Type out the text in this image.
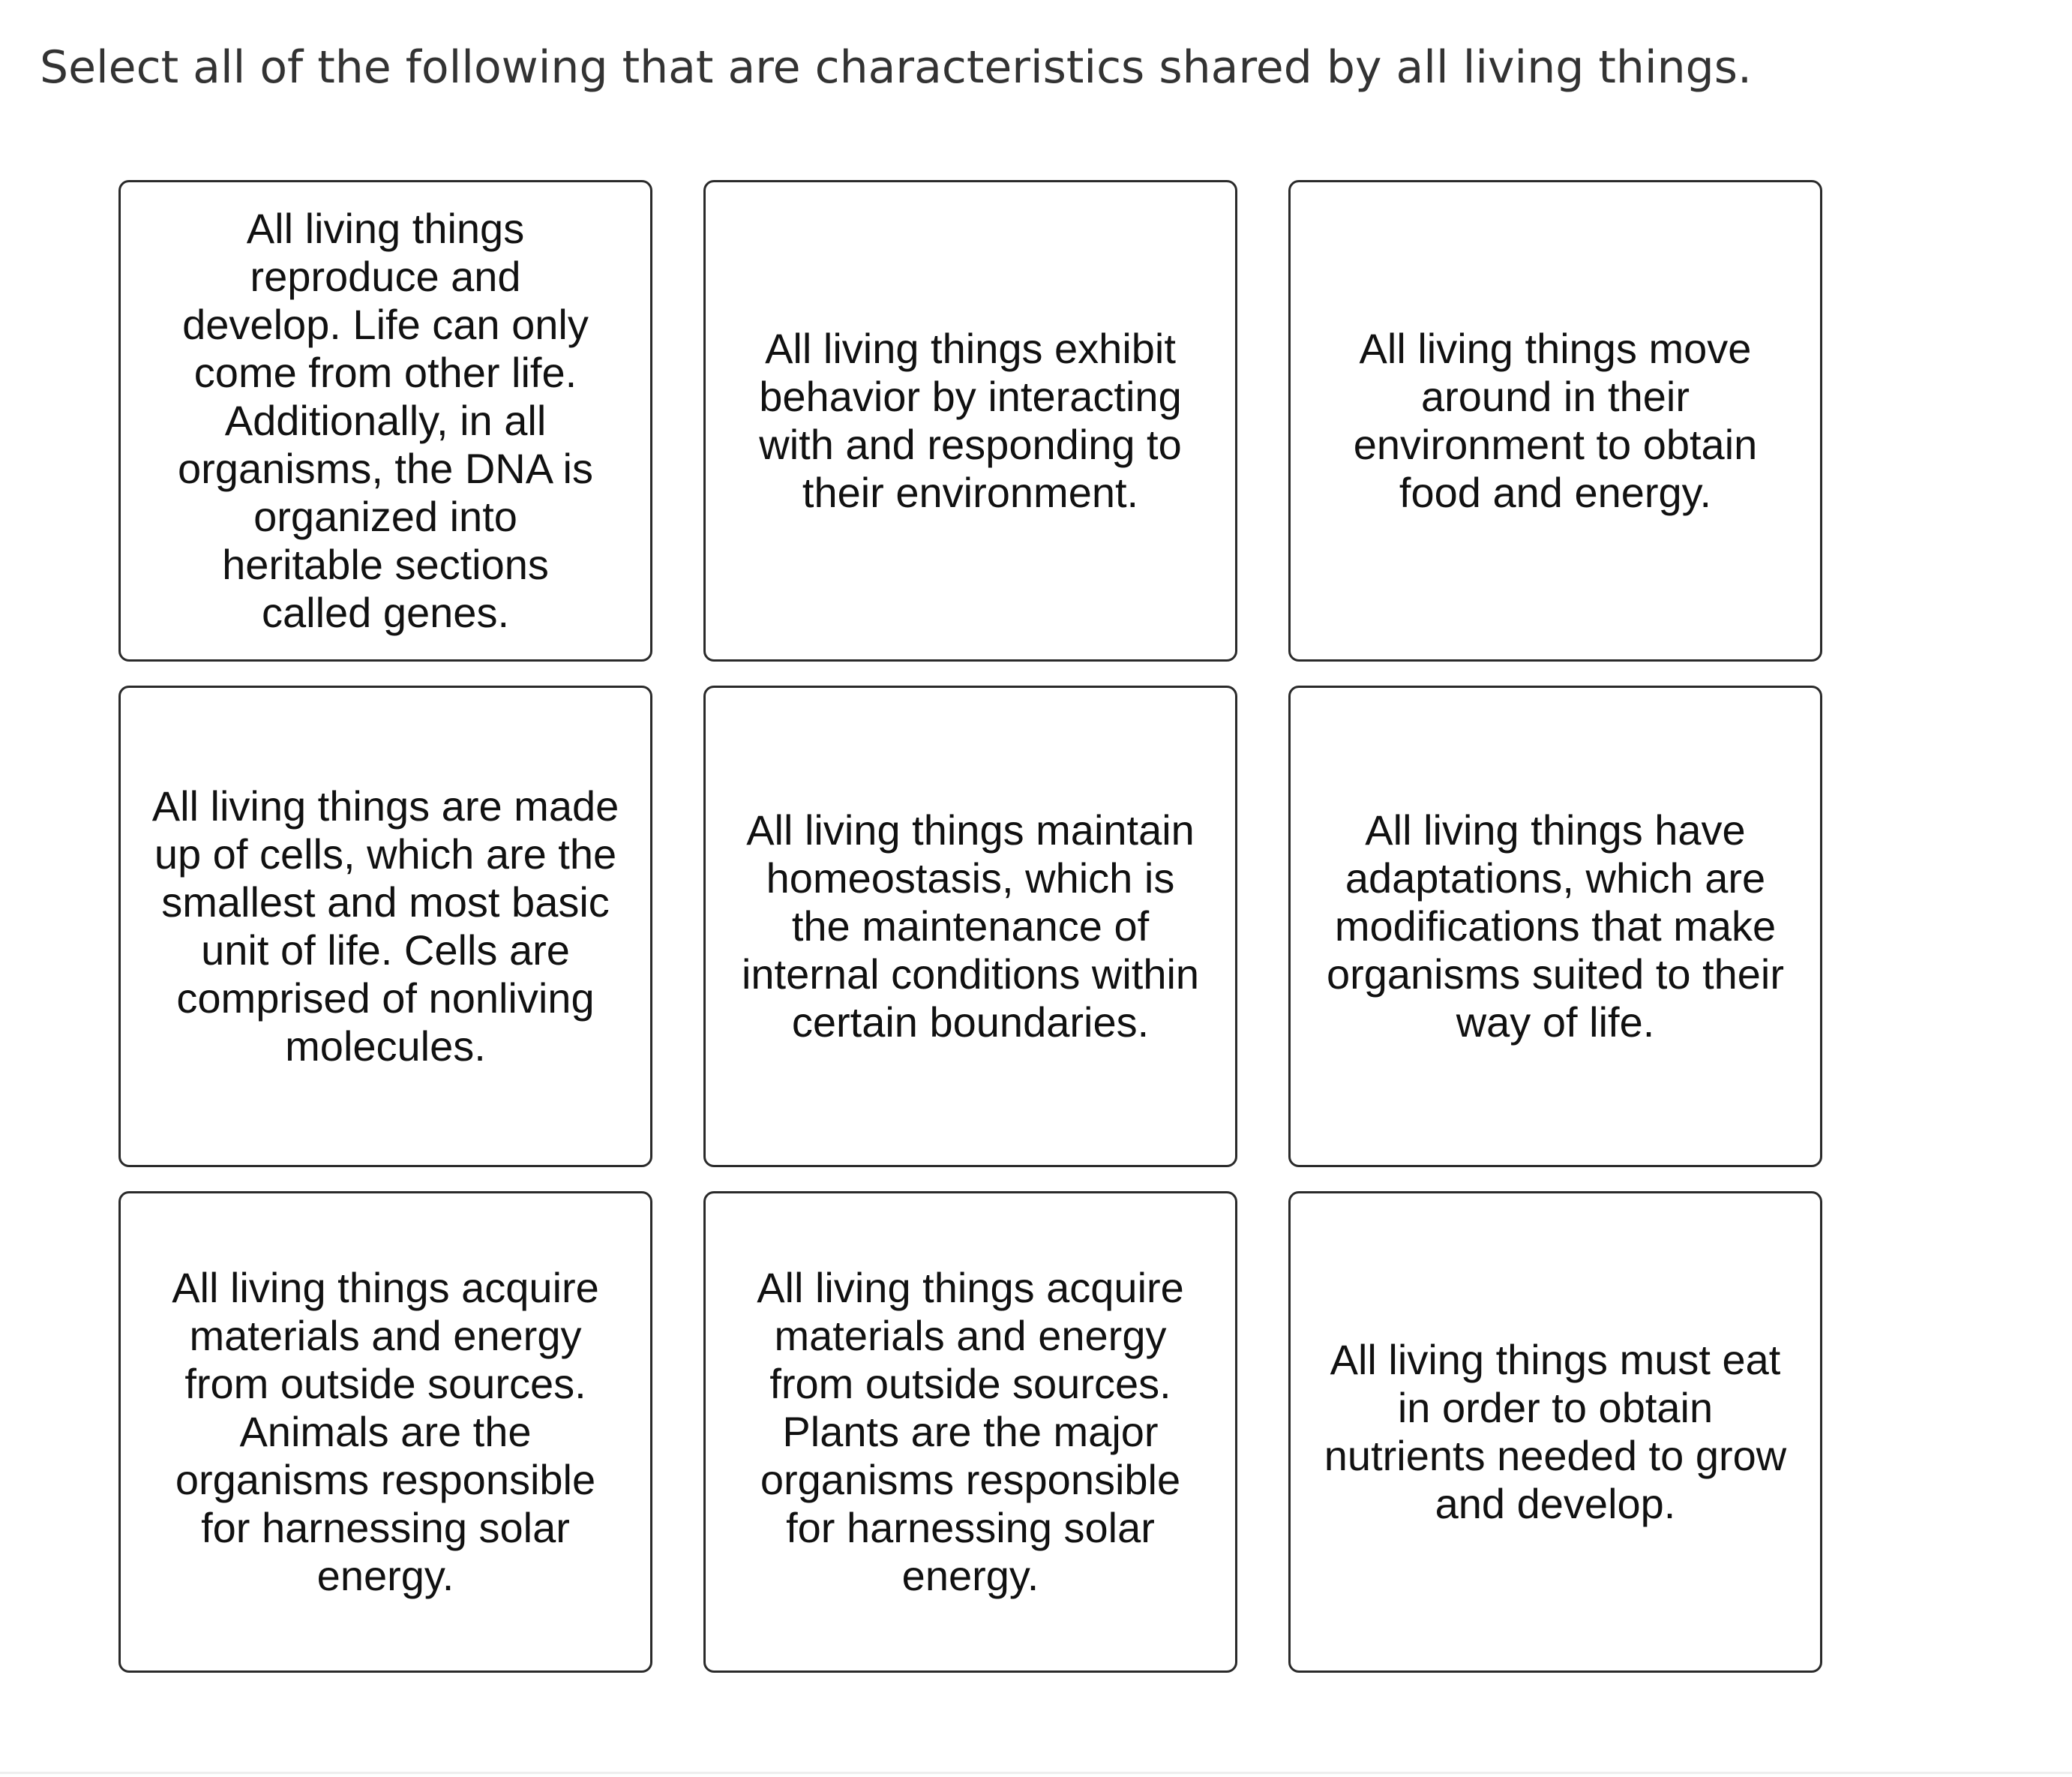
Select all of the following that are characteristics shared by all living things.
All living things reproduce and develop. Life can only come from other life. Additionally, in all organisms, the DNA is organized into heritable sections called genes.
All living things exhibit behavior by interacting with and responding to their environment.
All living things move around in their environment to obtain food and energy.
All living things are made up of cells, which are the smallest and most basic unit of life. Cells are comprised of nonliving molecules.
All living things maintain homeostasis, which is the maintenance of internal conditions within certain boundaries.
All living things have adaptations, which are modifications that make organisms suited to their way of life.
All living things acquire materials and energy from outside sources. Animals are the organisms responsible for harnessing solar energy.
All living things acquire materials and energy from outside sources. Plants are the major organisms responsible for harnessing solar energy.
All living things must eat in order to obtain nutrients needed to grow and develop.
